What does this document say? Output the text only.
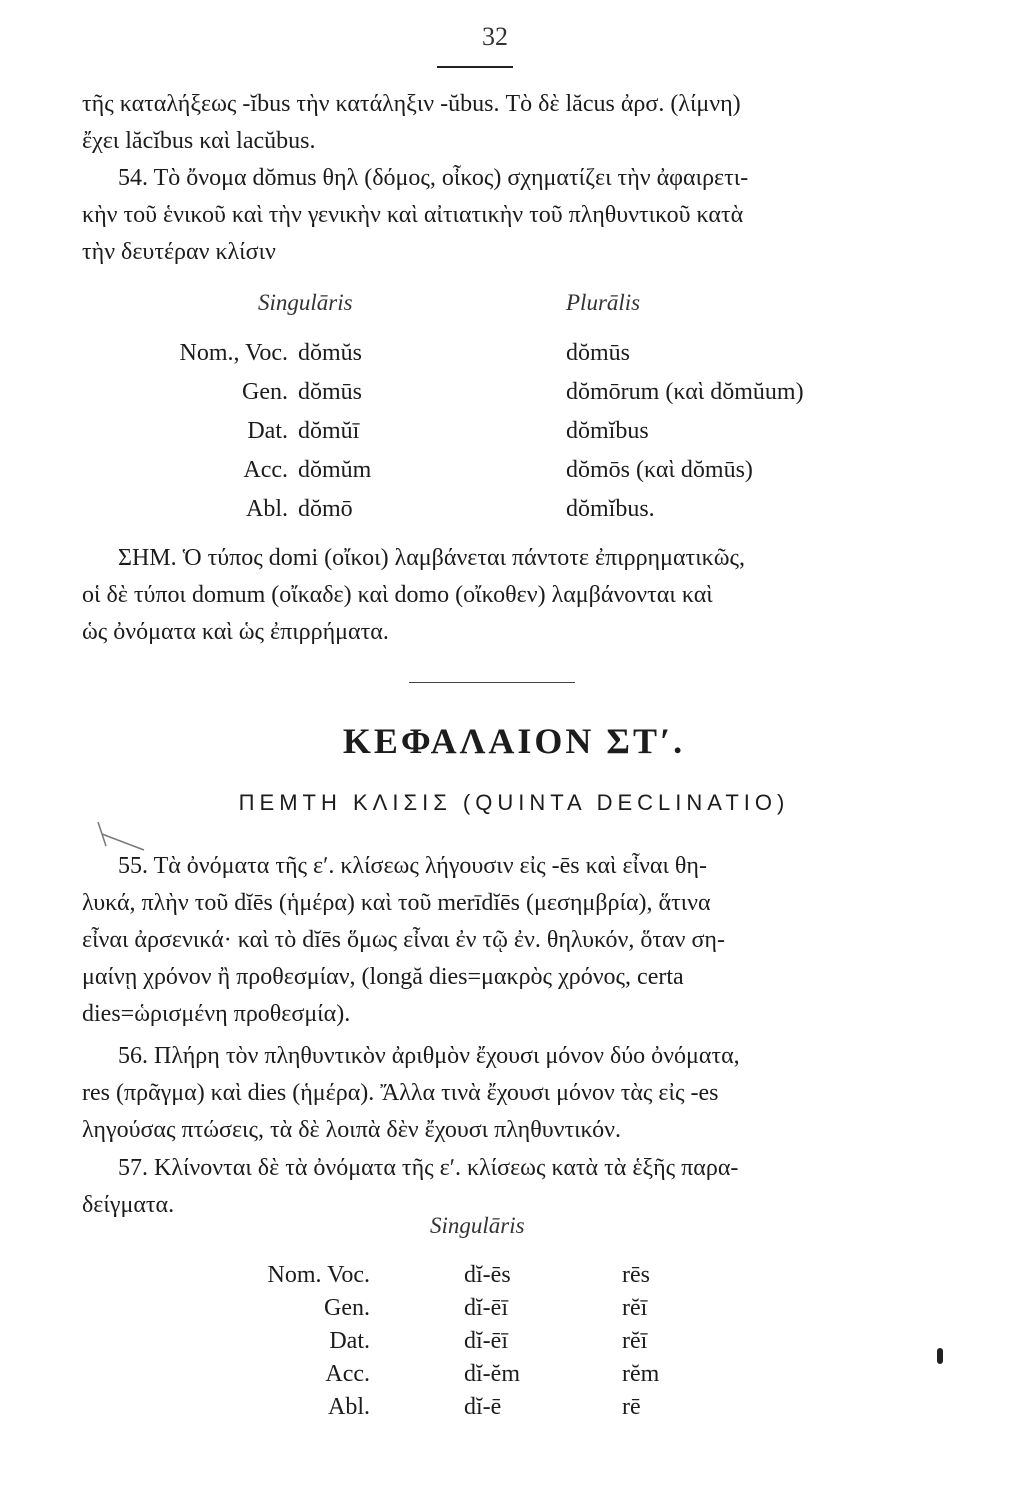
32
τῆς καταλήξεως -ĭbus τὴν κατάληξιν -ŭbus. Τὸ δὲ lăcus ἀρσ. (λίμνη)
ἔχει lăcĭbus καὶ lacŭbus.
54. Τὸ ὄνομα dŏmus θηλ (δόμος, οἶκος) σχηματίζει τὴν ἀφαιρετι-
κὴν τοῦ ἑνικοῦ καὶ τὴν γενικὴν καὶ αἰτιατικὴν τοῦ πληθυντικοῦ κατὰ
τὴν δευτέραν κλίσιν
Singulāris	Plurālis
Nom., Voc. dŏmŭs	dŏmūs
Gen. dŏmūs	dŏmōrum (καὶ dŏmŭum)
Dat. dŏmŭī	dŏmĭbus
Acc. dŏmŭm	dŏmōs (καὶ dŏmūs)
Abl. dŏmō	dŏmĭbus.
ΣΗΜ. Ὁ τύπος domi (οἴκοι) λαμβάνεται πάντοτε ἐπιρρηματικῶς,
οἱ δὲ τύποι domum (οἴκαδε) καὶ domo (οἴκοθεν) λαμβάνονται καὶ
ὡς ὀνόματα καὶ ὡς ἐπιρρήματα.
ΚΕΦΑΛΑΙΟΝ ΣΤʹ.
ΠΕΜΤΗ ΚΛΙΣΙΣ (QUINTA DECLINATIO)
55. Τὰ ὀνόματα τῆς εʹ. κλίσεως λήγουσιν εἰς -ēs καὶ εἶναι θη-
λυκά, πλὴν τοῦ dĭēs (ἡμέρα) καὶ τοῦ merīdĭēs (μεσημβρία), ἅτινα
εἶναι ἀρσενικά· καὶ τὸ dĭēs ὅμως εἶναι ἐν τῷ ἐν. θηλυκόν, ὅταν ση-
μαίνῃ χρόνον ἢ προθεσμίαν, (longă dies=μακρὸς χρόνος, certa
dies=ὡρισμένη προθεσμία).
56. Πλήρη τὸν πληθυντικὸν ἀριθμὸν ἔχουσι μόνον δύο ὀνόματα,
res (πρᾶγμα) καὶ dies (ἡμέρα). Ἄλλα τινὰ ἔχουσι μόνον τὰς εἰς -es
ληγούσας πτώσεις, τὰ δὲ λοιπὰ δὲν ἔχουσι πληθυντικόν.
57. Κλίνονται δὲ τὰ ὀνόματα τῆς εʹ. κλίσεως κατὰ τὰ ἑξῆς παρα-
δείγματα.
Singulāris
Nom. Voc.	dĭ-ēs	rēs
Gen.	dĭ-ēī	rĕī
Dat.	dĭ-ēī	rĕī
Acc.	dĭ-ĕm	rĕm
Abl.	dĭ-ē	rē
